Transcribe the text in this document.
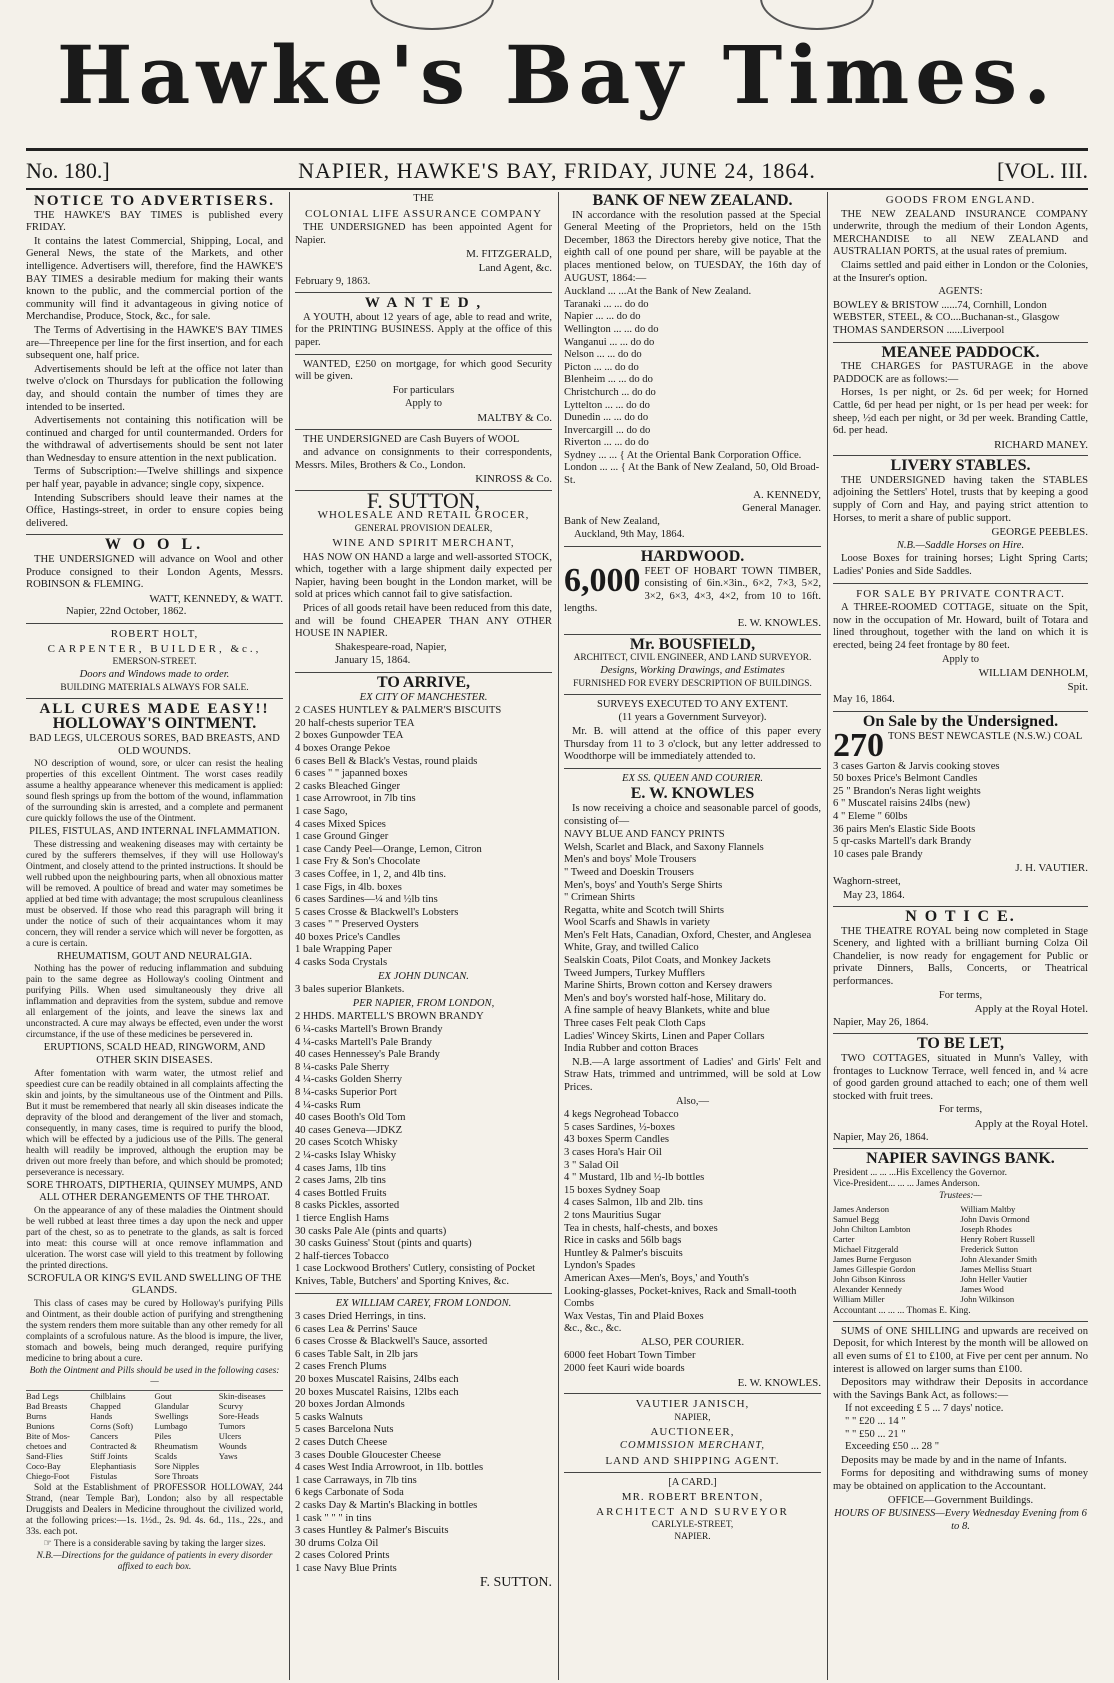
Hawke's Bay Times.
No. 180.]	NAPIER, HAWKE'S BAY, FRIDAY, JUNE 24, 1864.	[VOL. III.
NOTICE TO ADVERTISERS.
THE HAWKE'S BAY TIMES is published every FRIDAY.
It contains the latest Commercial, Shipping, Local, and General News, the state of the Markets, and other intelligence. Advertisers will, therefore, find the HAWKE'S BAY TIMES a desirable medium for making their wants known to the public, and the commercial portion of the community will find it advantageous in giving notice of Merchandise, Produce, Stock, &c., for sale.
The Terms of Advertising in the HAWKE'S BAY TIMES are—Threepence per line for the first insertion, and for each subsequent one, half price.
Advertisements should be left at the office not later than twelve o'clock on Thursdays for publication the following day, and should contain the number of times they are intended to be inserted.
Advertisements not containing this notification will be continued and charged for until countermanded. Orders for the withdrawal of advertisements should be sent not later than Wednesday to ensure attention in the next publication.
Terms of Subscription:—Twelve shillings and sixpence per half year, payable in advance; single copy, sixpence.
Intending Subscribers should leave their names at the Office, Hastings-street, in order to ensure copies being delivered.
W O O L.
THE UNDERSIGNED will advance on Wool and other Produce consigned to their London Agents, Messrs. ROBINSON & FLEMING.
WATT, KENNEDY, & WATT.
Napier, 22nd October, 1862.
ROBERT HOLT,
CARPENTER, BUILDER, &c.,
EMERSON-STREET.
Doors and Windows made to order.
BUILDING MATERIALS ALWAYS FOR SALE.
ALL CURES MADE EASY!!
HOLLOWAY'S OINTMENT.
BAD LEGS, ULCEROUS SORES, BAD BREASTS, AND OLD WOUNDS.
NO description of wound, sore, or ulcer can resist the healing properties of this excellent Ointment. The worst cases readily assume a healthy appearance whenever this medicament is applied: sound flesh springs up from the bottom of the wound, inflammation of the surrounding skin is arrested, and a complete and permanent cure quickly follows the use of the Ointment.
PILES, FISTULAS, AND INTERNAL INFLAMMATION.
These distressing and weakening diseases may with certainty be cured by the sufferers themselves, if they will use Holloway's Ointment, and closely attend to the printed instructions. It should be well rubbed upon the neighbouring parts, when all obnoxious matter will be removed. A poultice of bread and water may sometimes be applied at bed time with advantage; the most scrupulous cleanliness must be observed. If those who read this paragraph will bring it under the notice of such of their acquaintances whom it may concern, they will render a service which will never be forgotten, as a cure is certain.
RHEUMATISM, GOUT AND NEURALGIA.
Nothing has the power of reducing inflammation and subduing pain to the same degree as Holloway's cooling Ointment and purifying Pills. When used simultaneously they drive all inflammation and depravities from the system, subdue and remove all enlargement of the joints, and leave the sinews lax and unconstracted. A cure may always be effected, even under the worst circumstance, if the use of these medicines be persevered in.
ERUPTIONS, SCALD HEAD, RINGWORM, AND OTHER SKIN DISEASES.
After fomentation with warm water, the utmost relief and speediest cure can be readily obtained in all complaints affecting the skin and joints, by the simultaneous use of the Ointment and Pills. But it must be remembered that nearly all skin diseases indicate the depravity of the blood and derangement of the liver and stomach, consequently, in many cases, time is required to purify the blood, which will be effected by a judicious use of the Pills. The general health will readily be improved, although the eruption may be driven out more freely than before, and which should be promoted; perseverance is necessary.
SORE THROATS, DIPTHERIA, QUINSEY MUMPS, AND ALL OTHER DERANGEMENTS OF THE THROAT.
On the appearance of any of these maladies the Ointment should be well rubbed at least three times a day upon the neck and upper part of the chest, so as to penetrate to the glands, as salt is forced into meat: this course will at once remove inflammation and ulceration. The worst case will yield to this treatment by following the printed directions.
SCROFULA OR KING'S EVIL AND SWELLING OF THE GLANDS.
This class of cases may be cured by Holloway's purifying Pills and Ointment, as their double action of purifying and strengthening the system renders them more suitable than any other remedy for all complaints of a scrofulous nature. As the blood is impure, the liver, stomach and bowels, being much deranged, require purifying medicine to bring about a cure.
Both the Ointment and Pills should be used in the following cases:—
Bad Legs	Chilblains	Gout	Skin-diseases
Bad Breasts	Chapped	Glandular	Scurvy
Burns	Hands	Swellings	Sore-Heads
Bunions	Corns (Soft)	Lumbago	Tumors
Bite of Mos-	Cancers	Piles	Ulcers
chetoes and	Contracted &	Rheumatism	Wounds
Sand-Flies	Stiff Joints	Scalds	Yaws
Coco-Bay	Elephantiasis	Sore Nipples
Chiego-Foot	Fistulas	Sore Throats
Sold at the Establishment of PROFESSOR HOLLOWAY, 244 Strand, (near Temple Bar), London; also by all respectable Druggists and Dealers in Medicine throughout the civilized world, at the following prices:—1s. 1½d., 2s. 9d. 4s. 6d., 11s., 22s., and 33s. each pot.
☞ There is a considerable saving by taking the larger sizes.
N.B.—Directions for the guidance of patients in every disorder affixed to each box.
THE
COLONIAL LIFE ASSURANCE COMPANY
THE UNDERSIGNED has been appointed Agent for Napier.
M. FITZGERALD,
Land Agent, &c.
February 9, 1863.
W A N T E D ,
A YOUTH, about 12 years of age, able to read and write, for the PRINTING BUSINESS. Apply at the office of this paper.
WANTED, £250 on mortgage, for which good Security will be given.
For particulars
Apply to
MALTBY & Co.
THE UNDERSIGNED are Cash Buyers of WOOL
and advance on consignments to their correspondents, Messrs. Miles, Brothers & Co., London.
KINROSS & Co.
F. SUTTON,
WHOLESALE AND RETAIL GROCER,
GENERAL PROVISION DEALER,
WINE AND SPIRIT MERCHANT,
HAS NOW ON HAND a large and well-assorted STOCK, which, together with a large shipment daily expected per Napier, having been bought in the London market, will be sold at prices which cannot fail to give satisfaction.
Prices of all goods retail have been reduced from this date, and will be found CHEAPER THAN ANY OTHER HOUSE IN NAPIER.
Shakespeare-road, Napier,
January 15, 1864.
TO ARRIVE,
EX CITY OF MANCHESTER.
2 CASES HUNTLEY & PALMER'S BISCUITS
20 half-chests superior TEA
2 boxes Gunpowder TEA
4 boxes Orange Pekoe
6 cases Bell & Black's Vestas, round plaids
6 cases " " japanned boxes
2 casks Bleached Ginger
1 case Arrowroot, in 7lb tins
1 case Sago,
4 cases Mixed Spices
1 case Ground Ginger
1 case Candy Peel—Orange, Lemon, Citron
1 case Fry & Son's Chocolate
3 cases Coffee, in 1, 2, and 4lb tins.
1 case Figs, in 4lb. boxes
6 cases Sardines—¼ and ½lb tins
5 cases Crosse & Blackwell's Lobsters
3 cases " " Preserved Oysters
40 boxes Price's Candles
1 bale Wrapping Paper
4 casks Soda Crystals
EX JOHN DUNCAN.
3 bales superior Blankets.
PER NAPIER, FROM LONDON,
2 HHDS. MARTELL'S BROWN BRANDY
6 ¼-casks Martell's Brown Brandy
4 ¼-casks Martell's Pale Brandy
40 cases Hennessey's Pale Brandy
8 ¼-casks Pale Sherry
4 ¼-casks Golden Sherry
8 ¼-casks Superior Port
4 ¼-casks Rum
40 cases Booth's Old Tom
40 cases Geneva—JDKZ
20 cases Scotch Whisky
2 ¼-casks Islay Whisky
4 cases Jams, 1lb tins
2 cases Jams, 2lb tins
4 cases Bottled Fruits
8 casks Pickles, assorted
1 tierce English Hams
30 casks Pale Ale (pints and quarts)
30 casks Guiness' Stout (pints and quarts)
2 half-tierces Tobacco
1 case Lockwood Brothers' Cutlery, consisting of Pocket Knives, Table, Butchers' and Sporting Knives, &c.
EX WILLIAM CAREY, FROM LONDON.
3 cases Dried Herrings, in tins.
6 cases Lea & Perrins' Sauce
6 cases Crosse & Blackwell's Sauce, assorted
6 cases Table Salt, in 2lb jars
2 cases French Plums
20 boxes Muscatel Raisins, 24lbs each
20 boxes Muscatel Raisins, 12lbs each
20 boxes Jordan Almonds
5 casks Walnuts
5 cases Barcelona Nuts
2 cases Dutch Cheese
3 cases Double Gloucester Cheese
4 cases West India Arrowroot, in 1lb. bottles
1 case Carraways, in 7lb tins
6 kegs Carbonate of Soda
2 casks Day & Martin's Blacking in bottles
1 cask " " " in tins
3 cases Huntley & Palmer's Biscuits
30 drums Colza Oil
2 cases Colored Prints
1 case Navy Blue Prints
F. SUTTON.
BANK OF NEW ZEALAND.
IN accordance with the resolution passed at the Special General Meeting of the Proprietors, held on the 15th December, 1863 the Directors hereby give notice, That the eighth call of one pound per share, will be payable at the places mentioned below, on TUESDAY, the 16th day of AUGUST, 1864:—
Auckland ... ...At the Bank of New Zealand.
Taranaki ... ... do do
Napier ... ... do do
Wellington ... ... do do
Wanganui ... ... do do
Nelson ... ... do do
Picton ... ... do do
Blenheim ... ... do do
Christchurch ... do do
Lyttelton ... ... do do
Dunedin ... ... do do
Invercargill ... do do
Riverton ... ... do do
Sydney ... ... { At the Oriental Bank Corporation Office.
London ... ... { At the Bank of New Zealand, 50, Old Broad-St.
A. KENNEDY,
General Manager.
Bank of New Zealand,
Auckland, 9th May, 1864.
HARDWOOD.
6,000 FEET OF HOBART TOWN TIMBER, consisting of 6in.×3in., 6×2, 7×3, 5×2, 3×2, 6×3, 4×3, 4×2, from 10 to 16ft. lengths.
E. W. KNOWLES.
Mr. BOUSFIELD,
ARCHITECT, CIVIL ENGINEER, AND LAND SURVEYOR.
Designs, Working Drawings, and Estimates
FURNISHED FOR EVERY DESCRIPTION OF BUILDINGS.
SURVEYS EXECUTED TO ANY EXTENT.
(11 years a Government Surveyor).
Mr. B. will attend at the office of this paper every Thursday from 11 to 3 o'clock, but any letter addressed to Woodthorpe will be immediately attended to.
EX SS. QUEEN AND COURIER.
E. W. KNOWLES
Is now receiving a choice and seasonable parcel of goods, consisting of—
NAVY BLUE AND FANCY PRINTS
Welsh, Scarlet and Black, and Saxony Flannels
Men's and boys' Mole Trousers
" Tweed and Doeskin Trousers
Men's, boys' and Youth's Serge Shirts
" Crimean Shirts
Regatta, white and Scotch twill Shirts
Wool Scarfs and Shawls in variety
Men's Felt Hats, Canadian, Oxford, Chester, and Anglesea
White, Gray, and twilled Calico
Sealskin Coats, Pilot Coats, and Monkey Jackets
Tweed Jumpers, Turkey Mufflers
Marine Shirts, Brown cotton and Kersey drawers
Men's and boy's worsted half-hose, Military do.
A fine sample of heavy Blankets, white and blue
Three cases Felt peak Cloth Caps
Ladies' Wincey Skirts, Linen and Paper Collars
India Rubber and cotton Braces
N.B.—A large assortment of Ladies' and Girls' Felt and Straw Hats, trimmed and untrimmed, will be sold at Low Prices.
Also,—
4 kegs Negrohead Tobacco
5 cases Sardines, ½-boxes
43 boxes Sperm Candles
3 cases Hora's Hair Oil
3 " Salad Oil
4 " Mustard, 1lb and ½-lb bottles
15 boxes Sydney Soap
4 cases Salmon, 1lb and 2lb. tins
2 tons Mauritius Sugar
Tea in chests, half-chests, and boxes
Rice in casks and 56lb bags
Huntley & Palmer's biscuits
Lyndon's Spades
American Axes—Men's, Boys,' and Youth's
Looking-glasses, Pocket-knives, Rack and Small-tooth Combs
Wax Vestas, Tin and Plaid Boxes
&c., &c., &c.
ALSO, PER COURIER.
6000 feet Hobart Town Timber
2000 feet Kauri wide boards
E. W. KNOWLES.
VAUTIER JANISCH,
NAPIER,
AUCTIONEER,
COMMISSION MERCHANT,
LAND AND SHIPPING AGENT.
[A CARD.]
MR. ROBERT BRENTON,
ARCHITECT AND SURVEYOR
CARLYLE-STREET,
NAPIER.
GOODS FROM ENGLAND.
THE NEW ZEALAND INSURANCE COMPANY underwrite, through the medium of their London Agents, MERCHANDISE to all NEW ZEALAND and AUSTRALIAN PORTS, at the usual rates of premium.
Claims settled and paid either in London or the Colonies, at the Insurer's option.
AGENTS:
BOWLEY & BRISTOW ......74, Cornhill, London
WEBSTER, STEEL, & CO....Buchanan-st., Glasgow
THOMAS SANDERSON ......Liverpool
MEANEE PADDOCK.
THE CHARGES for PASTURAGE in the above PADDOCK are as follows:—
Horses, 1s per night, or 2s. 6d per week; for Horned Cattle, 6d per head per night, or 1s per head per week: for sheep, ½d each per night, or 3d per week. Branding Cattle, 6d. per head.
RICHARD MANEY.
LIVERY STABLES.
THE UNDERSIGNED having taken the STABLES adjoining the Settlers' Hotel, trusts that by keeping a good supply of Corn and Hay, and paying strict attention to Horses, to merit a share of public support.
GEORGE PEEBLES.
N.B.—Saddle Horses on Hire.
Loose Boxes for training horses; Light Spring Carts; Ladies' Ponies and Side Saddles.
FOR SALE BY PRIVATE CONTRACT.
A THREE-ROOMED COTTAGE, situate on the Spit, now in the occupation of Mr. Howard, built of Totara and lined throughout, together with the land on which it is erected, being 24 feet frontage by 80 feet.
Apply to
WILLIAM DENHOLM,
Spit.
May 16, 1864.
On Sale by the Undersigned.
270 TONS BEST NEWCASTLE (N.S.W.) COAL
3 cases Garton & Jarvis cooking stoves
50 boxes Price's Belmont Candles
25 " Brandon's Neras light weights
6 " Muscatel raisins 24lbs (new)
4 " Eleme " 60lbs
36 pairs Men's Elastic Side Boots
5 qr-casks Martell's dark Brandy
10 cases pale Brandy
J. H. VAUTIER.
Waghorn-street,
May 23, 1864.
N O T I C E.
THE THEATRE ROYAL being now completed in Stage Scenery, and lighted with a brilliant burning Colza Oil Chandelier, is now ready for engagement for Public or private Dinners, Balls, Concerts, or Theatrical performances.
For terms,
Apply at the Royal Hotel.
Napier, May 26, 1864.
TO BE LET,
TWO COTTAGES, situated in Munn's Valley, with frontages to Lucknow Terrace, well fenced in, and ¼ acre of good garden ground attached to each; one of them well stocked with fruit trees.
For terms,
Apply at the Royal Hotel.
Napier, May 26, 1864.
NAPIER SAVINGS BANK.
President ... ... ...His Excellency the Governor.
Vice-President... ... ... James Anderson.
Trustees:—
James Anderson	William Maltby
Samuel Begg	John Davis Ormond
John Chilton Lambton	Joseph Rhodes
Carter	Henry Robert Russell
Michael Fitzgerald	Frederick Sutton
James Burne Ferguson	John Alexander Smith
James Gillespie Gordon	James Melliss Stuart
John Gibson Kinross	John Heller Vautier
Alexander Kennedy	James Wood
William Miller	John Wilkinson
Accountant ... ... ... Thomas E. King.
SUMS of ONE SHILLING and upwards are received on Deposit, for which Interest by the month will be allowed on all even sums of £1 to £100, at Five per cent per annum. No interest is allowed on larger sums than £100.
Depositors may withdraw their Deposits in accordance with the Savings Bank Act, as follows:—
If not exceeding £ 5 ... 7 days' notice.
" " £20 ... 14 "
" " £50 ... 21 "
Exceeding £50 ... 28 "
Deposits may be made by and in the name of Infants.
Forms for depositing and withdrawing sums of money may be obtained on application to the Accountant.
OFFICE—Government Buildings.
HOURS OF BUSINESS—Every Wednesday Evening from 6 to 8.
